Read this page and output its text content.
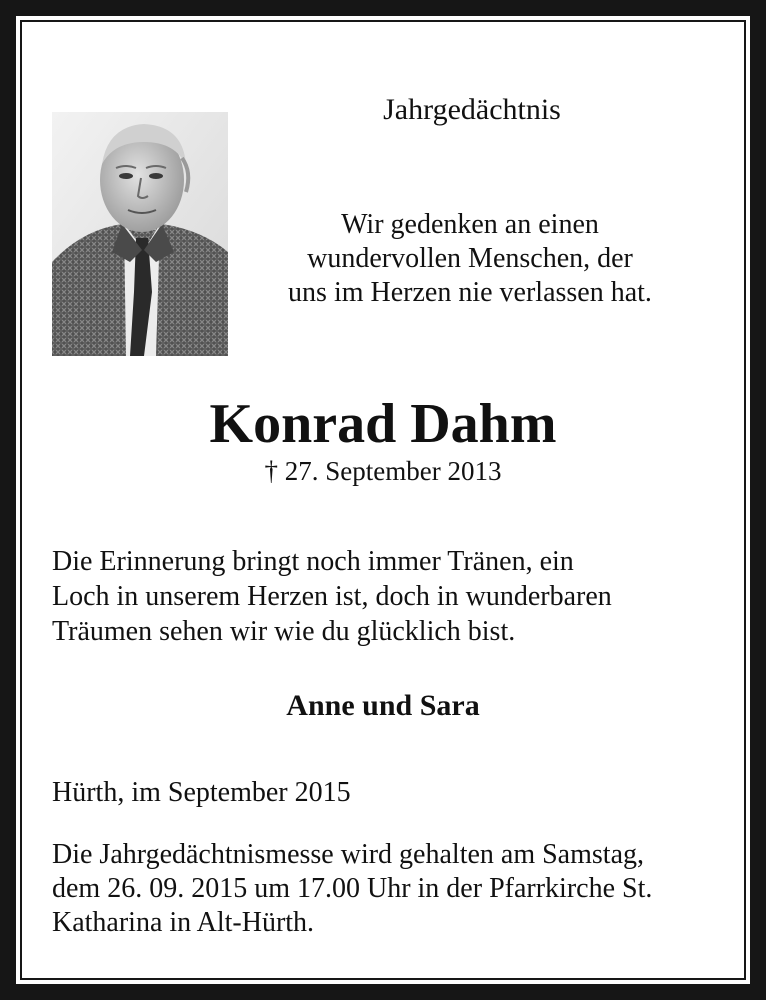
Jahrgedächtnis
Wir gedenken an einen
wundervollen Menschen, der
uns im Herzen nie verlassen hat.
Konrad Dahm
† 27. September 2013
Die Erinnerung bringt noch immer Tränen, ein
Loch in unserem Herzen ist, doch in wunderbaren
Träumen sehen wir wie du glücklich bist.
Anne und Sara
Hürth, im September 2015
Die Jahrgedächtnismesse wird gehalten am Samstag,
dem 26. 09. 2015 um 17.00 Uhr in der Pfarrkirche St.
Katharina in Alt-Hürth.
